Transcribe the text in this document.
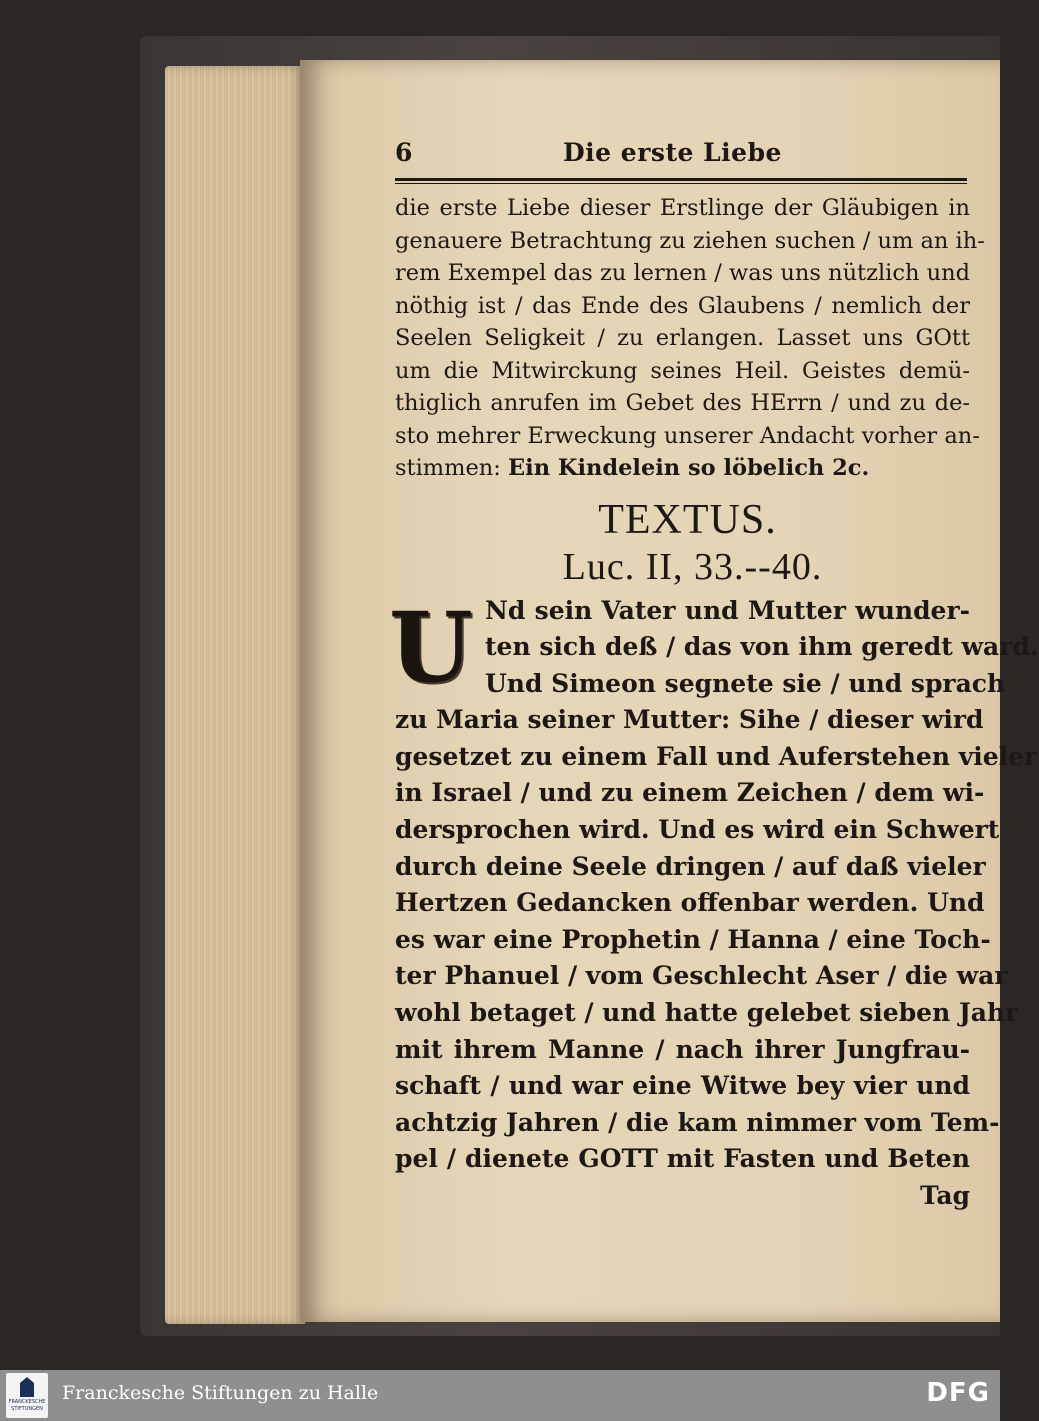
6	Die erste Liebe
die erste Liebe dieser Erstlinge der Gläubigen in
genauere Betrachtung zu ziehen suchen / um an ih-
rem Exempel das zu lernen / was uns nützlich und
nöthig ist / das Ende des Glaubens / nemlich der
Seelen Seligkeit / zu erlangen. Lasset uns GOtt
um die Mitwirckung seines Heil. Geistes demü-
thiglich anrufen im Gebet des HErrn / und zu de-
sto mehrer Erweckung unserer Andacht vorher an-
stimmen: Ein Kindelein so löbelich 2c.
TEXTUS.
Luc. II, 33.--40.
U Nd sein Vater und Mutter wunder-
ten sich deß / das von ihm geredt ward.
Und Simeon segnete sie / und sprach
zu Maria seiner Mutter: Sihe / dieser wird
gesetzet zu einem Fall und Auferstehen vieler
in Israel / und zu einem Zeichen / dem wi-
dersprochen wird. Und es wird ein Schwert
durch deine Seele dringen / auf daß vieler
Hertzen Gedancken offenbar werden. Und
es war eine Prophetin / Hanna / eine Toch-
ter Phanuel / vom Geschlecht Aser / die war
wohl betaget / und hatte gelebet sieben Jahr
mit ihrem Manne / nach ihrer Jungfrau-
schaft / und war eine Witwe bey vier und
achtzig Jahren / die kam nimmer vom Tem-
pel / dienete GOTT mit Fasten und Beten
Tag
FRANCKESCHE
STIFTUNGEN
Franckesche Stiftungen zu Halle	DFG
